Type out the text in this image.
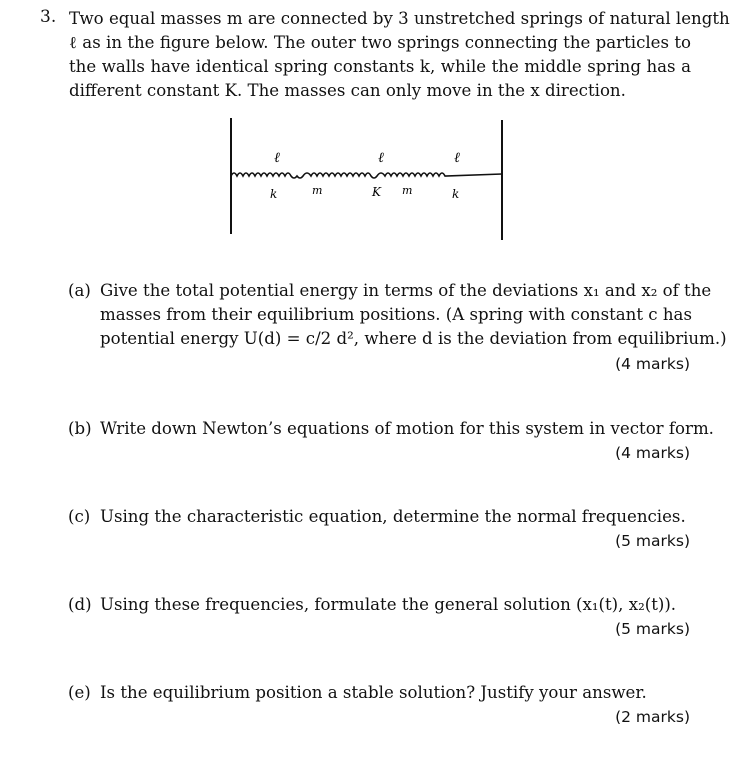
3. Two equal masses m are connected by 3 unstretched springs of natural length
ℓ as in the figure below. The outer two springs connecting the particles to
the walls have identical spring constants k, while the middle spring has a
different constant K. The masses can only move in the x direction.
ℓ	ℓ	ℓ
k	m	K m	k
(a) Give the total potential energy in terms of the deviations x₁ and x₂ of the
masses from their equilibrium positions. (A spring with constant c has
potential energy U(d) = c/2 d², where d is the deviation from equilibrium.)
(4 marks)
(b) Write down Newton’s equations of motion for this system in vector form.
(4 marks)
(c) Using the characteristic equation, determine the normal frequencies.
(5 marks)
(d) Using these frequencies, formulate the general solution (x₁(t), x₂(t)).
(5 marks)
(e) Is the equilibrium position a stable solution? Justify your answer.
(2 marks)
